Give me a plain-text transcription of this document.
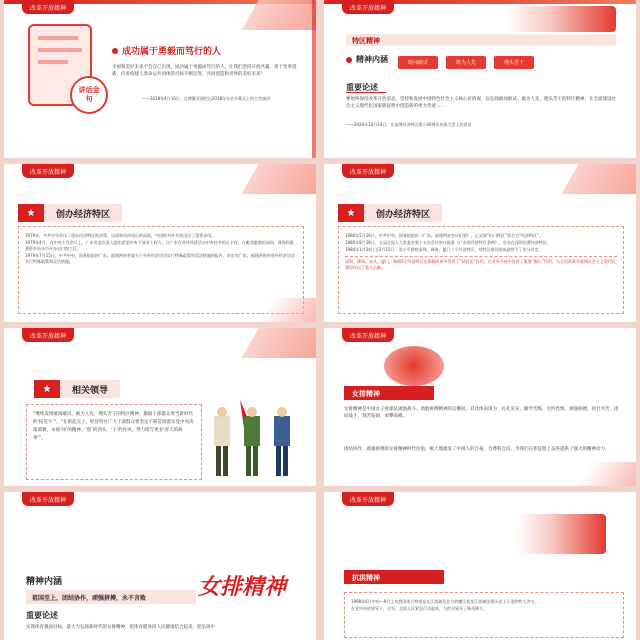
改革开放精神
讲话金句
成功属于勇毅而笃行的人
幸福和美好未来不会自己出现，成功属于勇毅而笃行的人。让我们坚持开放共赢，勇于变革创新，向着构建人类命运共同体的目标不断迈进，共同创造和世界的美好未来！
——2018年4月10日，在博鳌亚洲论坛2018年年会开幕式上的主旨演讲
改革开放精神
特区精神
精神内涵	敢闯敢试	敢为人先	埋头苦干
重要论述
要始终保持改革开放姿态，坚持和发展中国特色社会主义核心价值观，以弘扬敢闯敢试、敢为人先、埋头苦干的特区精神，在全面建设社会主义现代化国家新征程中创造新的更大奇迹……
——2020年10月14日，在深圳经济特区建立40周年庆祝大会上的讲话
改革开放精神
★	创办经济特区
1979年，中共中央作出了创办经济特区的决策，以扭转经济落后的局面，中国的对外开放迈出了重要步伐。
1979年4月，在中央工作会议上，广东省委负责人提出希望中央下放若干权力，让广东在对外经济活动中有较多的自主权，在毗邻港澳的深圳、珠海和重要侨乡汕头市开办出口加工区。
1979年7月15日，中共中央、国务院批转广东、福建两省省委关于对外经济活动实行特殊政策和灵活措施的报告，决定对广东、福建两省的对外经济活动实行特殊政策和灵活措施。
改革开放精神
★	创办经济特区
1980年5月16日，中共中央、国务院批转《广东、福建两省会议纪要》，正式将“出口特区”改名为“经济特区”。
1980年8月26日，五届全国人大常委会第十五次会议审议批准《广东省经济特区条例》，宣布在深圳设置经济特区。
1984年1月24日至2月15日，邓小平视察深圳、珠海、厦门三个经济特区，对特区建设的成就给予了充分肯定。
深圳、珠海、汕头、厦门，海南5个经济特区在体制改革中发挥了“试验田”作用，在对外开放中发挥了重要“窗口”作用，为全国改革开放和社会主义现代化建设作出了重大贡献。
改革开放精神
★	相关领导
“继续发扬敢闯敢试、敢为人先、埋头苦干的特区精神，激励干部群众勇当新时代的‘拓荒牛’”，“在新起点上，经济特区广大干部群众要坚定不移贯彻落实党中央决策部署，永葆‘闯’的精神、‘创’的劲头、‘干’的作风，努力续写更多‘春天的故事’”。
改革开放精神
女排精神
女排精神是中国女子排球队顽强战斗、勇敢拼搏精神的总概括。其具体表现为：扎扎实实，勤学苦练，无所畏惧，顽强拼搏，同甘共苦，团结战斗，刻苦钻研，勇攀高峰。
团结协作，顽强拼搏的女排精神时代价值，极大地激发了中国人的自豪、自尊和自信，为我们在新征程上奋进提供了强大的精神动力。
改革开放精神
精神内涵
祖国至上，团结协作，顽强拼搏，永不言败	女排精神
重要论述
实现体育强国目标，最大力弘扬新时代的女排精神，把体育健身同人民健康结合起来，把弘扬中
改革开放精神
抗洪精神
1998年6月中旬—9月上旬我国南方特别是长江流域及北方的嫩江松花江流域出现历史上罕见的特大洪灾。
在党中央的领导下，全军、全国人民紧急行动起来，与洪水展开了殊死搏斗。
